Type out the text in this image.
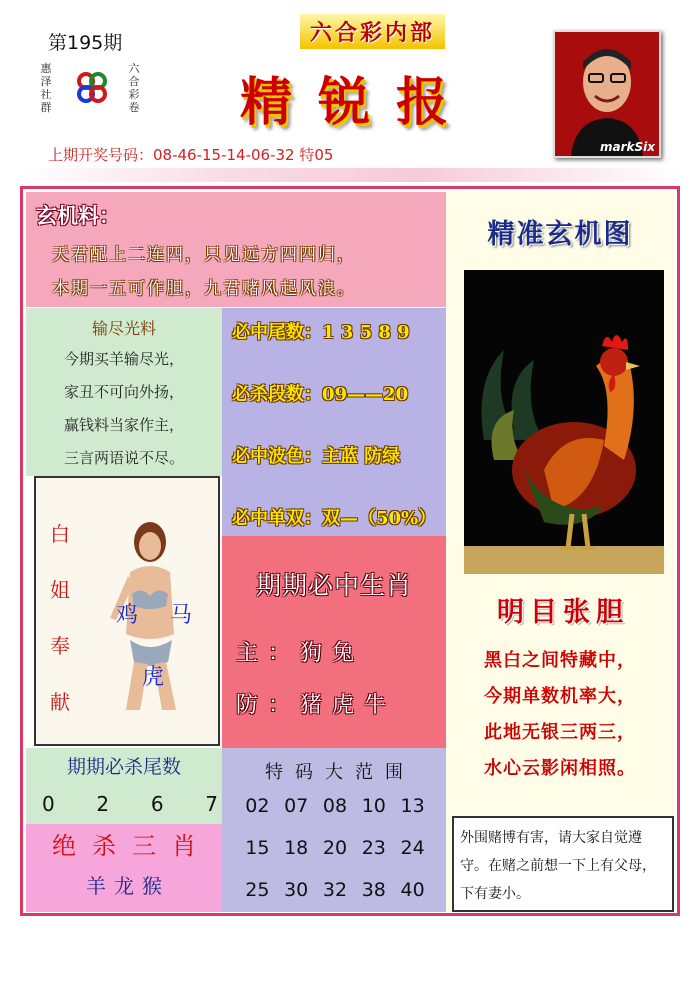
第195期
惠泽社群
六合彩卷
六合彩内部
精锐报
markSix
上期开奖号码：08-46-15-14-06-32 特05
玄机料：
天君配上二连四，只见远方四四归，
本期一五可作胆，九君赌风起风浪。
输尽光料
今期买羊输尽光，
家丑不可向外扬，
赢钱料当家作主，
三言两语说不尽。
必中尾数：1 3 5 8 9
必杀段数：09——20
必中波色：主蓝 防绿
必中单双：双—（50%）
白
姐
奉
献
鸡 马
虎
期期必中生肖
主：狗兔
防：猪虎牛
期期必杀尾数
0 2 6 7
绝杀三肖
羊龙猴
特码大范围
02 07 08 10 13
15 18 20 23 24
25 30 32 38 40
精准玄机图
明目张胆
黑白之间特藏中，
今期单数机率大，
此地无银三两三，
水心云影闲相照。
外围赌博有害，请大家自觉遵守。在赌之前想一下上有父母，下有妻小。
